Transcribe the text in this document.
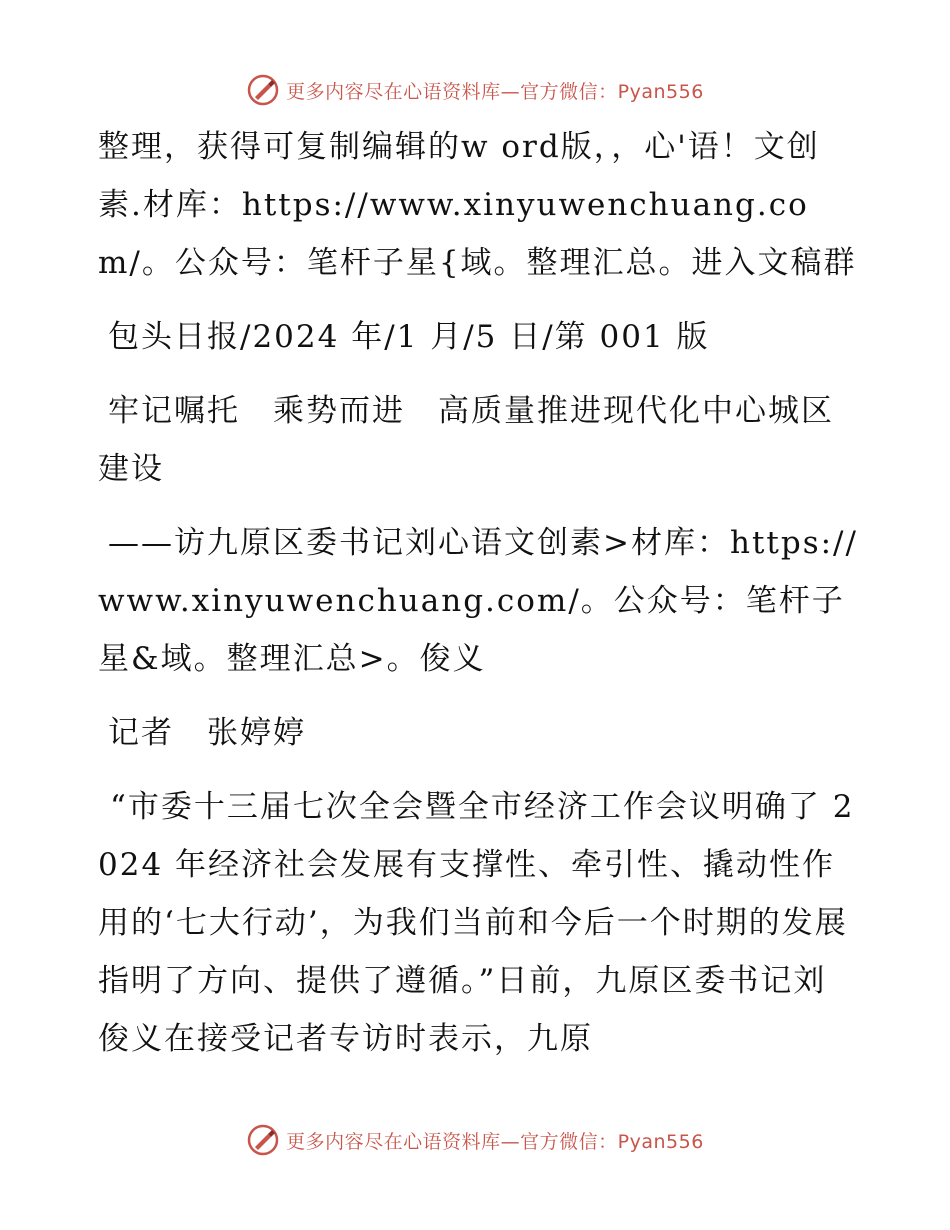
更多内容尽在心语资料库—官方微信：Pyan556

整理，获得可复制编辑的w ord版，，心'语！文创素.材库：https://www.xinyuwenchuang.com/。公众号：笔杆子星{域。整理汇总。进入文稿群

包头日报/2024 年/1 月/5 日/第 001 版

牢记嘱托　乘势而进　高质量推进现代化中心城区建设

——访九原区委书记刘心语文创素>材库：https://www.xinyuwenchuang.com/。公众号：笔杆子星&域。整理汇总>。俊义

记者　张婷婷

“市委十三届七次全会暨全市经济工作会议明确了 2024 年经济社会发展有支撑性、牵引性、撬动性作用的‘七大行动’，为我们当前和今后一个时期的发展指明了方向、提供了遵循。”日前，九原区委书记刘俊义在接受记者专访时表示，九原

更多内容尽在心语资料库—官方微信：Pyan556
